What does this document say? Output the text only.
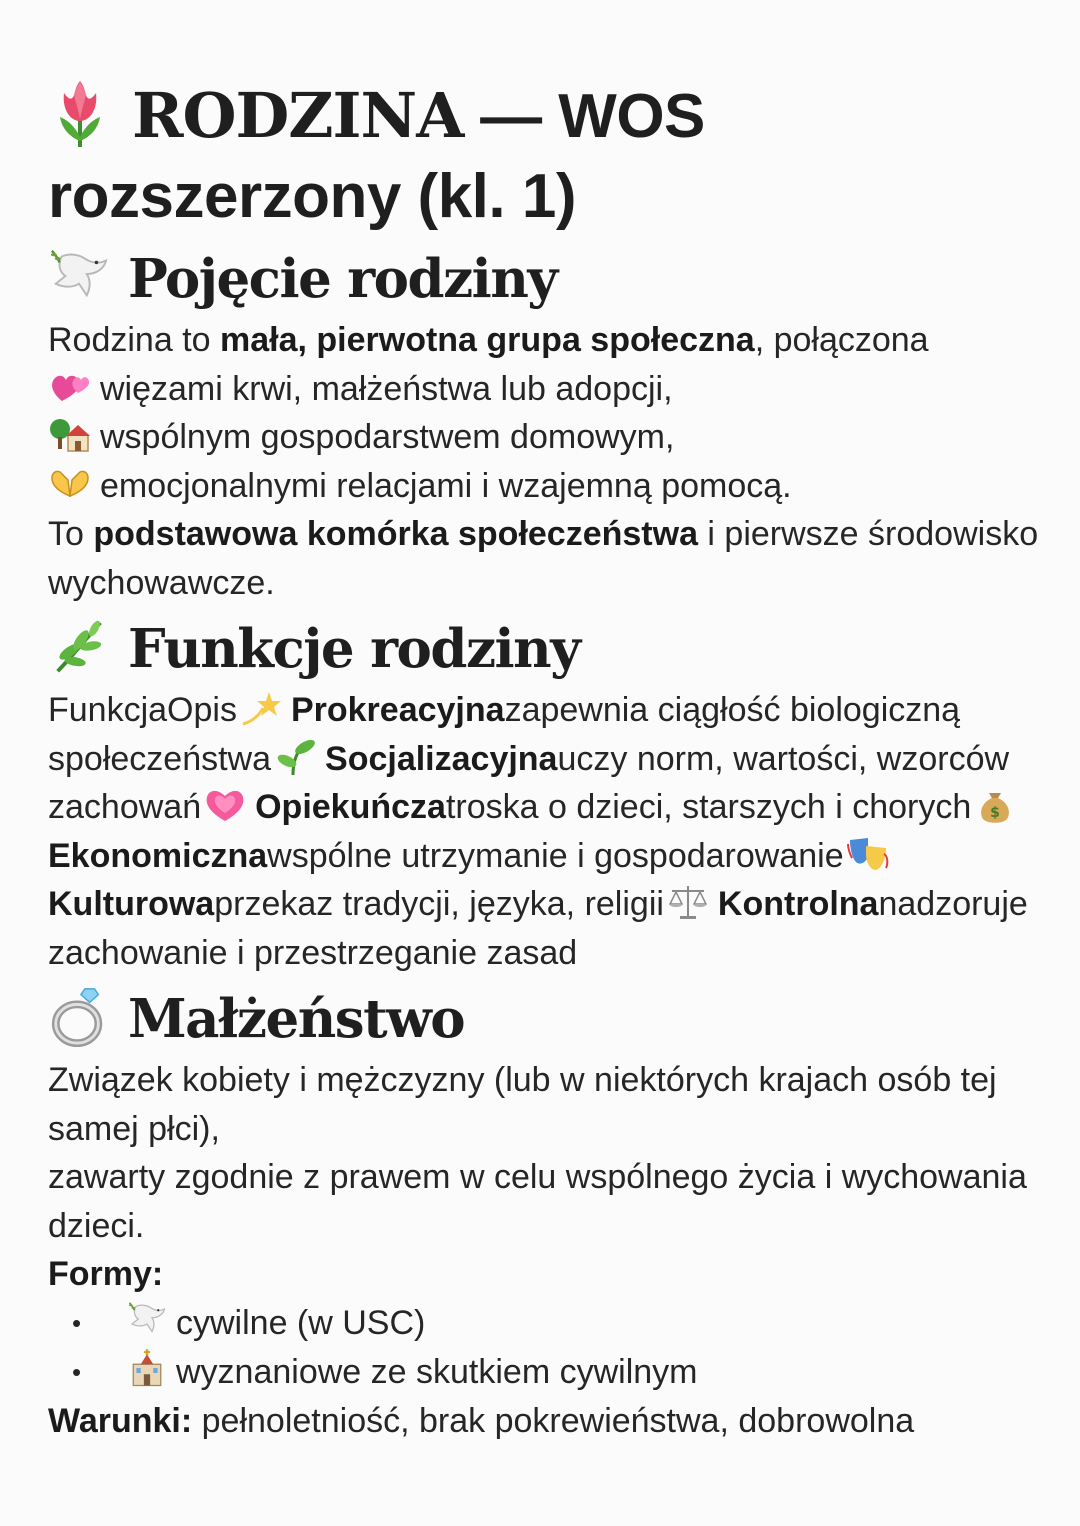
RODZINA — WOS rozszerzony (kl. 1)
Pojęcie rodziny

Rodzina to mała, pierwotna grupa społeczna, połączona

więzami krwi, małżeństwa lub adopcji,

wspólnym gospodarstwem domowym,

emocjonalnymi relacjami i wzajemną pomocą.

To podstawowa komórka społeczeństwa i pierwsze środowisko wychowawcze.

Funkcje rodziny

FunkcjaOpis Prokreacyjnazapewnia ciągłość biologiczną społeczeństwa Socjalizacyjnauczy norm, wartości, wzorców zachowań Opiekuńczatroska o dzieci, starszych i chorych $
Ekonomicznawspólne utrzymanie i gospodarowanieKulturowaprzekaz tradycji, języka, religii Kontrolnanadzoruje zachowanie i przestrzeganie zasad

Małżeństwo

Związek kobiety i mężczyzny (lub w niektórych krajach osób tej samej płci),

zawarty zgodnie z prawem w celu wspólnego życia i wychowania dzieci.

Formy:

•	cywilne (w USC)
•	wyznaniowe ze skutkiem cywilnym

Warunki: pełnoletniość, brak pokrewieństwa, dobrowolna
